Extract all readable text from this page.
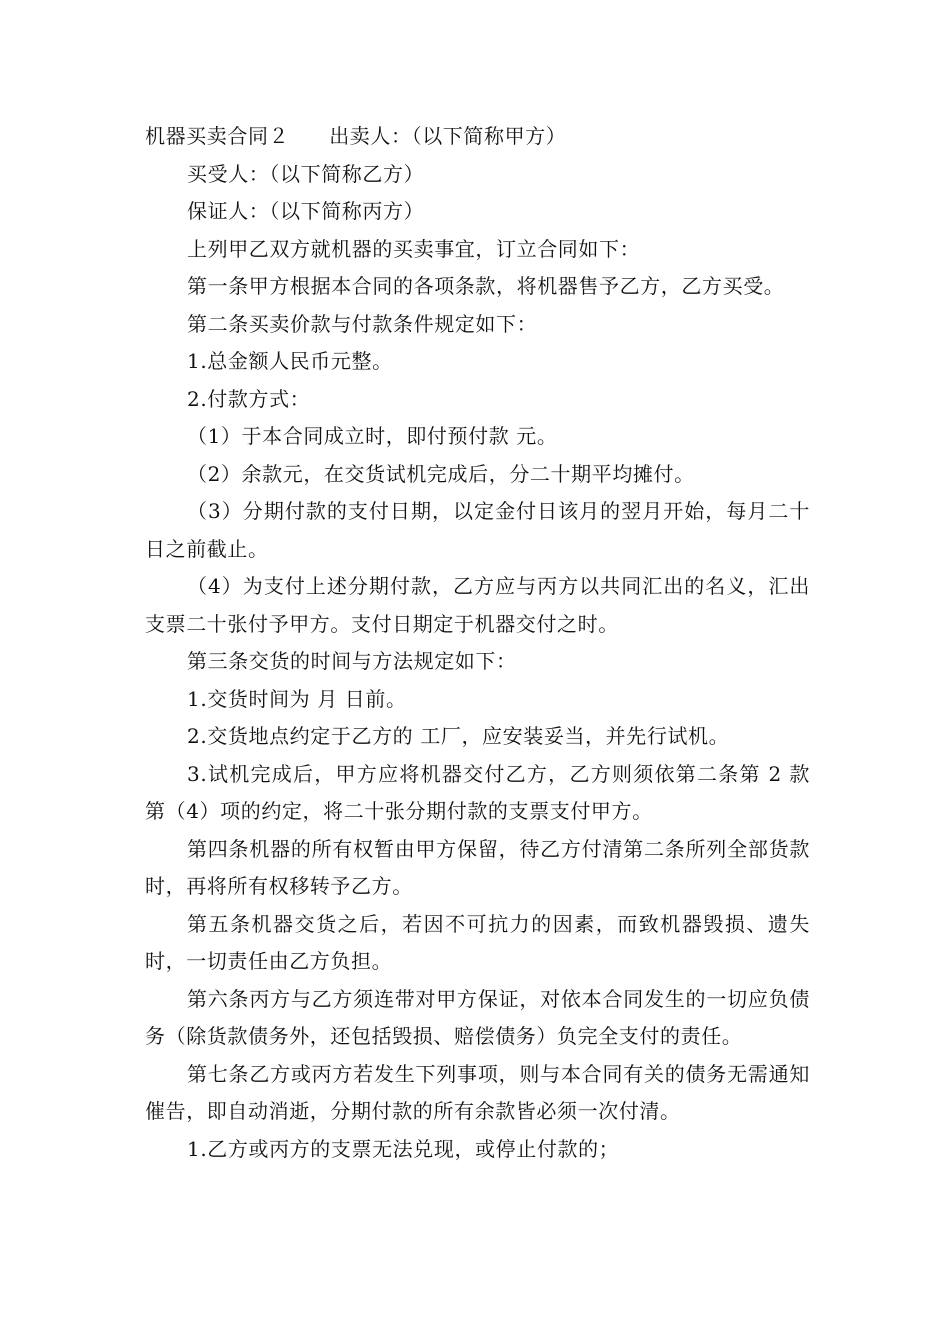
机器买卖合同２ 出卖人：（以下简称甲方）

买受人：（以下简称乙方）

保证人：（以下简称丙方）

上列甲乙双方就机器的买卖事宜，订立合同如下：

第一条甲方根据本合同的各项条款，将机器售予乙方，乙方买受。

第二条买卖价款与付款条件规定如下：

1.总金额人民币元整。

2.付款方式：

（1）于本合同成立时，即付预付款 元。

（2）余款元，在交货试机完成后，分二十期平均摊付。

（3）分期付款的支付日期，以定金付日该月的翌月开始，每月二十日之前截止。

（4）为支付上述分期付款，乙方应与丙方以共同汇出的名义，汇出支票二十张付予甲方。支付日期定于机器交付之时。

第三条交货的时间与方法规定如下：

1.交货时间为 月 日前。

2.交货地点约定于乙方的 工厂，应安装妥当，并先行试机。

3.试机完成后，甲方应将机器交付乙方，乙方则须依第二条第 2 款第（4）项的约定，将二十张分期付款的支票支付甲方。

第四条机器的所有权暂由甲方保留，待乙方付清第二条所列全部货款时，再将所有权移转予乙方。

第五条机器交货之后，若因不可抗力的因素，而致机器毁损、遗失时，一切责任由乙方负担。

第六条丙方与乙方须连带对甲方保证，对依本合同发生的一切应负债务（除货款债务外，还包括毁损、赔偿债务）负完全支付的责任。

第七条乙方或丙方若发生下列事项，则与本合同有关的债务无需通知催告，即自动消逝，分期付款的所有余款皆必须一次付清。

1.乙方或丙方的支票无法兑现，或停止付款的；
